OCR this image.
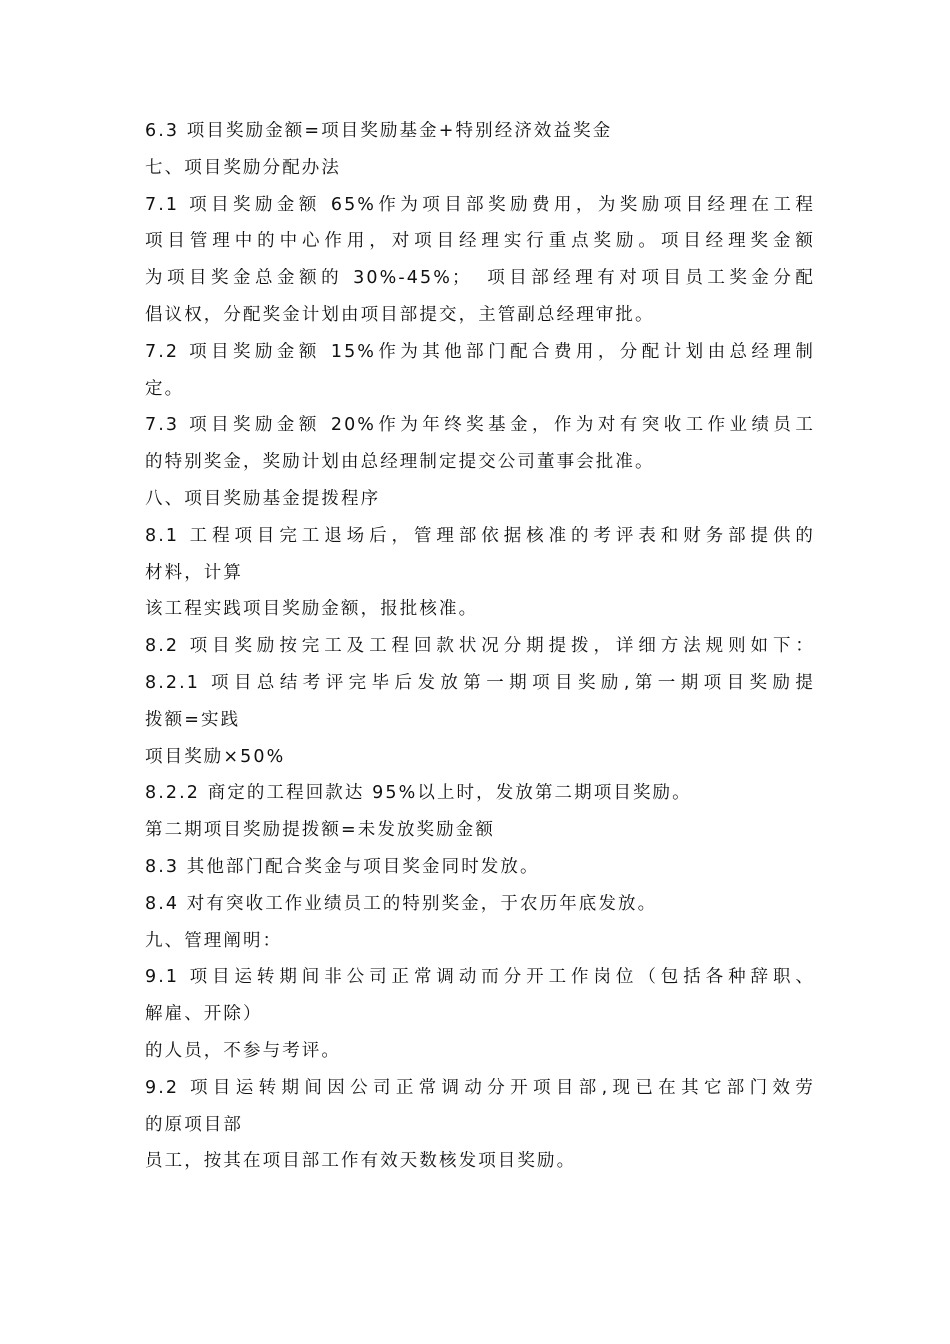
6.3 项目奖励金额=项目奖励基金+特别经济效益奖金
七、项目奖励分配办法
7.1 项目奖励金额 65%作为项目部奖励费用，为奖励项目经理在工程
项目管理中的中心作用，对项目经理实行重点奖励。项目经理奖金额
为项目奖金总金额的 30%-45%；　项目部经理有对项目员工奖金分配
倡议权，分配奖金计划由项目部提交，主管副总经理审批。
7.2 项目奖励金额 15%作为其他部门配合费用，分配计划由总经理制
定。
7.3 项目奖励金额 20%作为年终奖基金，作为对有突收工作业绩员工
的特别奖金，奖励计划由总经理制定提交公司董事会批准。
八、项目奖励基金提拨程序
8.1 工程项目完工退场后，管理部依据核准的考评表和财务部提供的
材料，计算
该工程实践项目奖励金额，报批核准。
8.2 项目奖励按完工及工程回款状况分期提拨，详细方法规则如下：
8.2.1 项目总结考评完毕后发放第一期项目奖励,第一期项目奖励提
拨额=实践
项目奖励×50%
8.2.2 商定的工程回款达 95%以上时，发放第二期项目奖励。
第二期项目奖励提拨额=未发放奖励金额
8.3 其他部门配合奖金与项目奖金同时发放。
8.4 对有突收工作业绩员工的特别奖金，于农历年底发放。
九、管理阐明：
9.1 项目运转期间非公司正常调动而分开工作岗位（包括各种辞职、
解雇、开除）
的人员，不参与考评。
9.2 项目运转期间因公司正常调动分开项目部,现已在其它部门效劳
的原项目部
员工，按其在项目部工作有效天数核发项目奖励。
